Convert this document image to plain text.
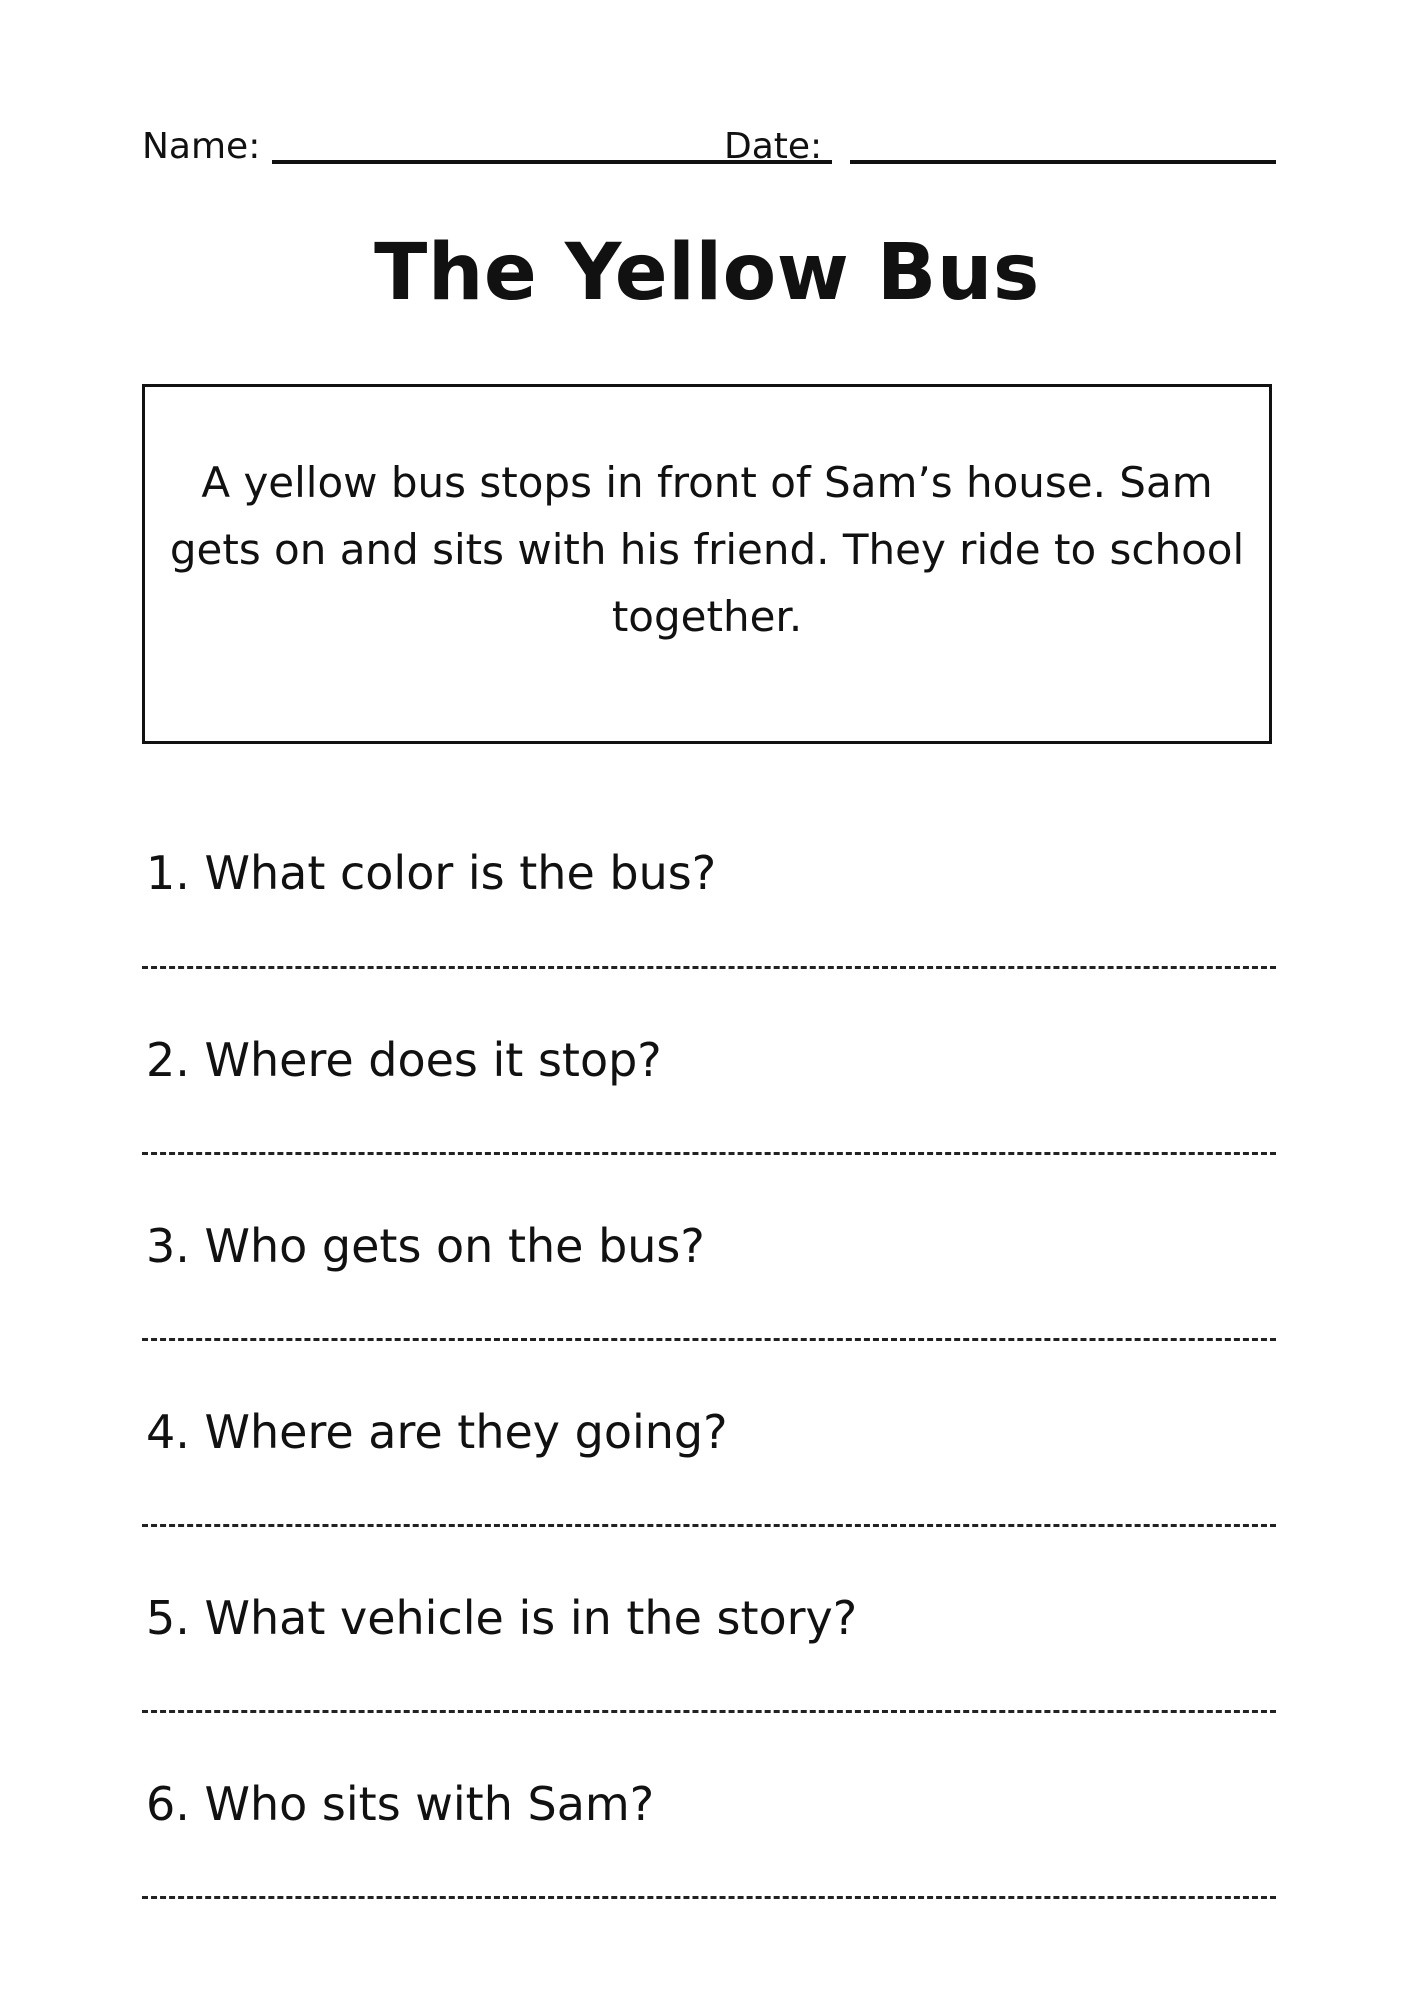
Name:	Date:
The Yellow Bus
A yellow bus stops in front of Sam’s house. Sam gets on and sits with his friend. They ride to school together.
1. What color is the bus?
2. Where does it stop?
3. Who gets on the bus?
4. Where are they going?
5. What vehicle is in the story?
6. Who sits with Sam?
